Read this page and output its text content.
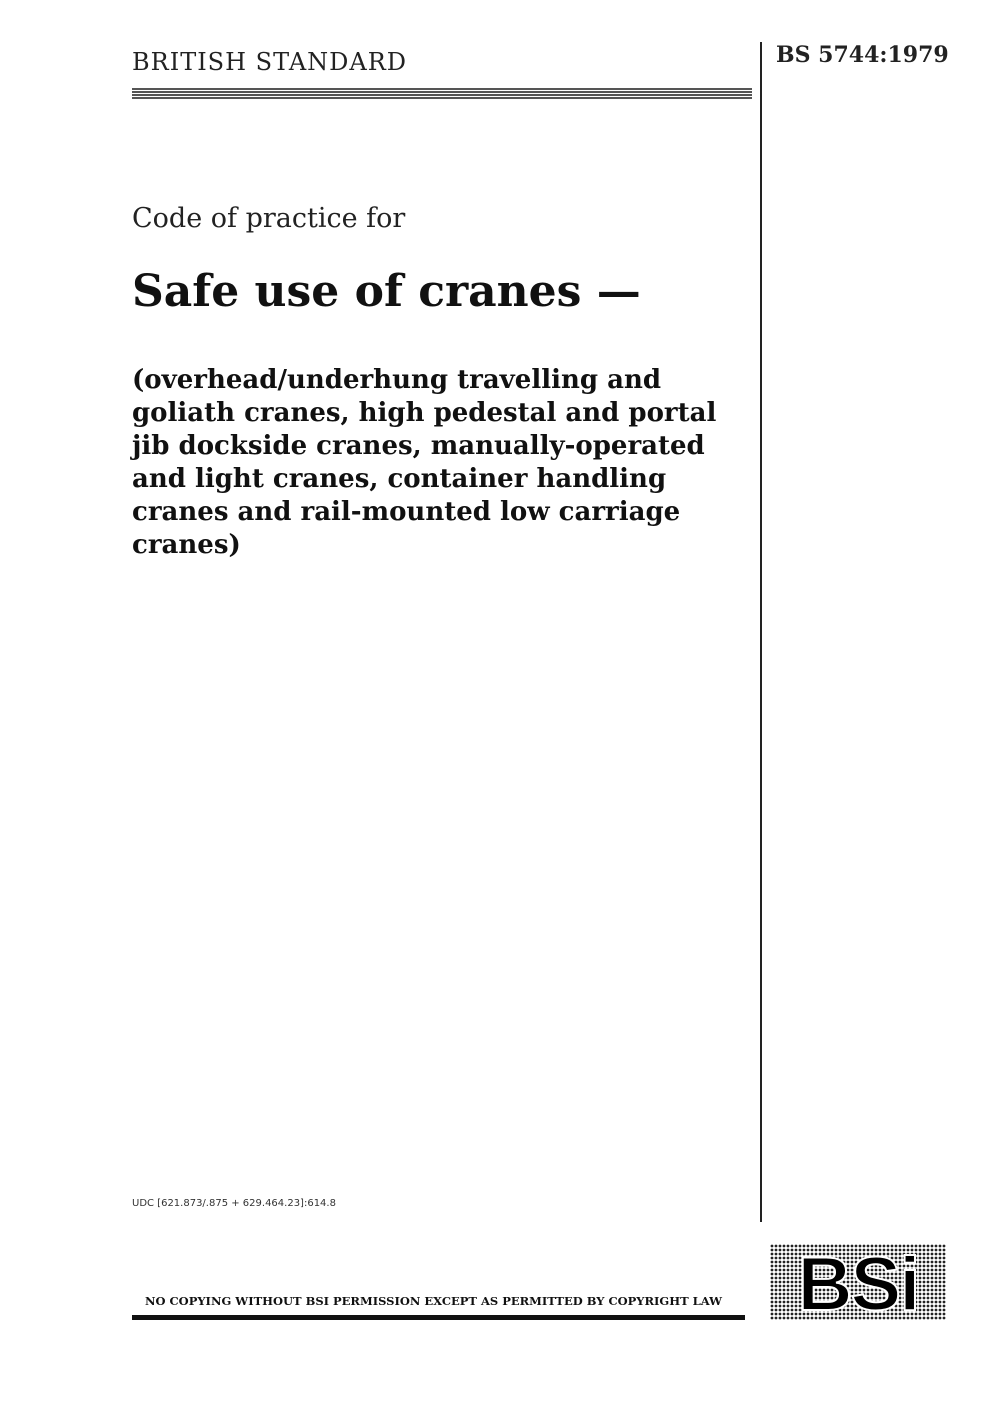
BRITISH STANDARD	BS 5744:1979
Code of practice for
Safe use of cranes —
(overhead/underhung travelling and goliath cranes, high pedestal and portal jib dockside cranes, manually-operated and light cranes, container handling cranes and rail-mounted low carriage cranes)
UDC [621.873/.875 + 629.464.23]:614.8
NO COPYING WITHOUT BSI PERMISSION EXCEPT AS PERMITTED BY COPYRIGHT LAW BSi
